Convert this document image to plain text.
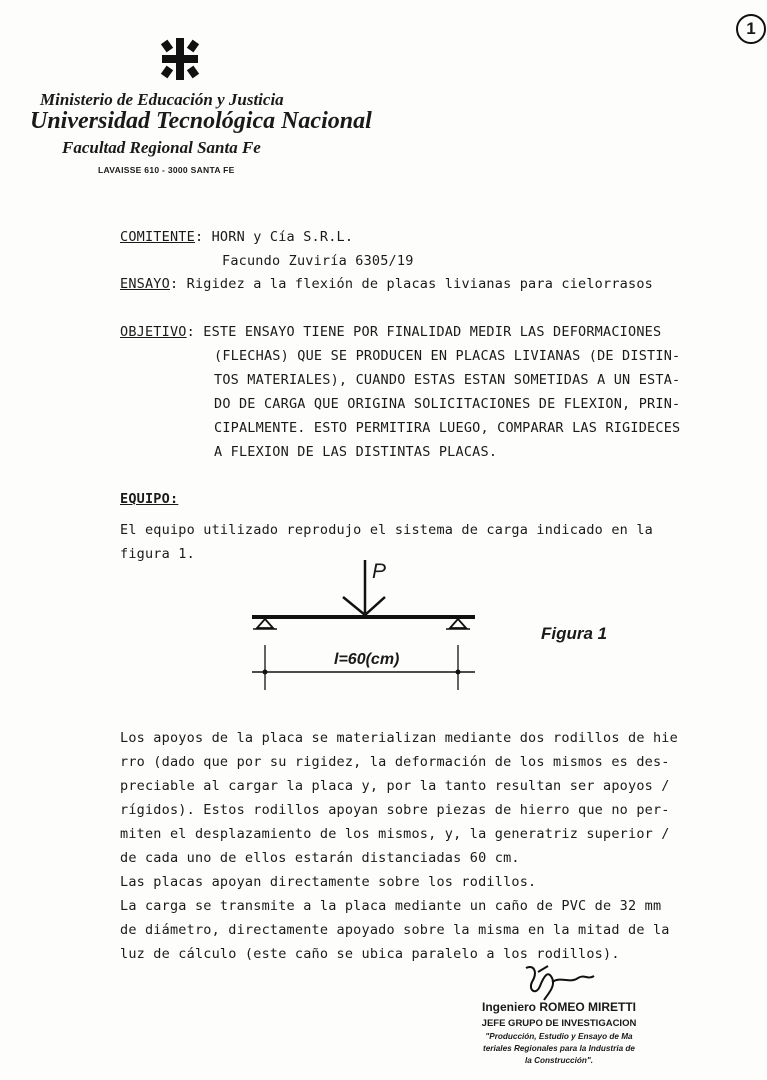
1
Ministerio de Educación y Justicia
Universidad Tecnológica Nacional
Facultad Regional Santa Fe
LAVAISSE 610 - 3000 SANTA FE
COMITENTE: HORN y Cía S.R.L.
Facundo Zuviría 6305/19
ENSAYO: Rigidez a la flexión de placas livianas para cielorrasos
OBJETIVO: ESTE ENSAYO TIENE POR FINALIDAD MEDIR LAS DEFORMACIONES
(FLECHAS) QUE SE PRODUCEN EN PLACAS LIVIANAS (DE DISTIN-
TOS MATERIALES), CUANDO ESTAS ESTAN SOMETIDAS A UN ESTA-
DO DE CARGA QUE ORIGINA SOLICITACIONES DE FLEXION, PRIN-
CIPALMENTE. ESTO PERMITIRA LUEGO, COMPARAR LAS RIGIDECES
A FLEXION DE LAS DISTINTAS PLACAS.
EQUIPO:
El equipo utilizado reprodujo el sistema de carga indicado en la
figura 1.
P
l=60(cm)
Figura 1
Los apoyos de la placa se materializan mediante dos rodillos de hie
rro (dado que por su rigidez, la deformación de los mismos es des-
preciable al cargar la placa y, por la tanto resultan ser apoyos /
rígidos). Estos rodillos apoyan sobre piezas de hierro que no per-
miten el desplazamiento de los mismos, y, la generatriz superior /
de cada uno de ellos estarán distanciadas 60 cm.
Las placas apoyan directamente sobre los rodillos.
La carga se transmite a la placa mediante un caño de PVC de 32 mm
de diámetro, directamente apoyado sobre la misma en la mitad de la
luz de cálculo (este caño se ubica paralelo a los rodillos).
Ingeniero ROMEO MIRETTI
JEFE GRUPO DE INVESTIGACION
"Producción, Estudio y Ensayo de Ma
teriales Regionales para la Industria de
la Construcción".
